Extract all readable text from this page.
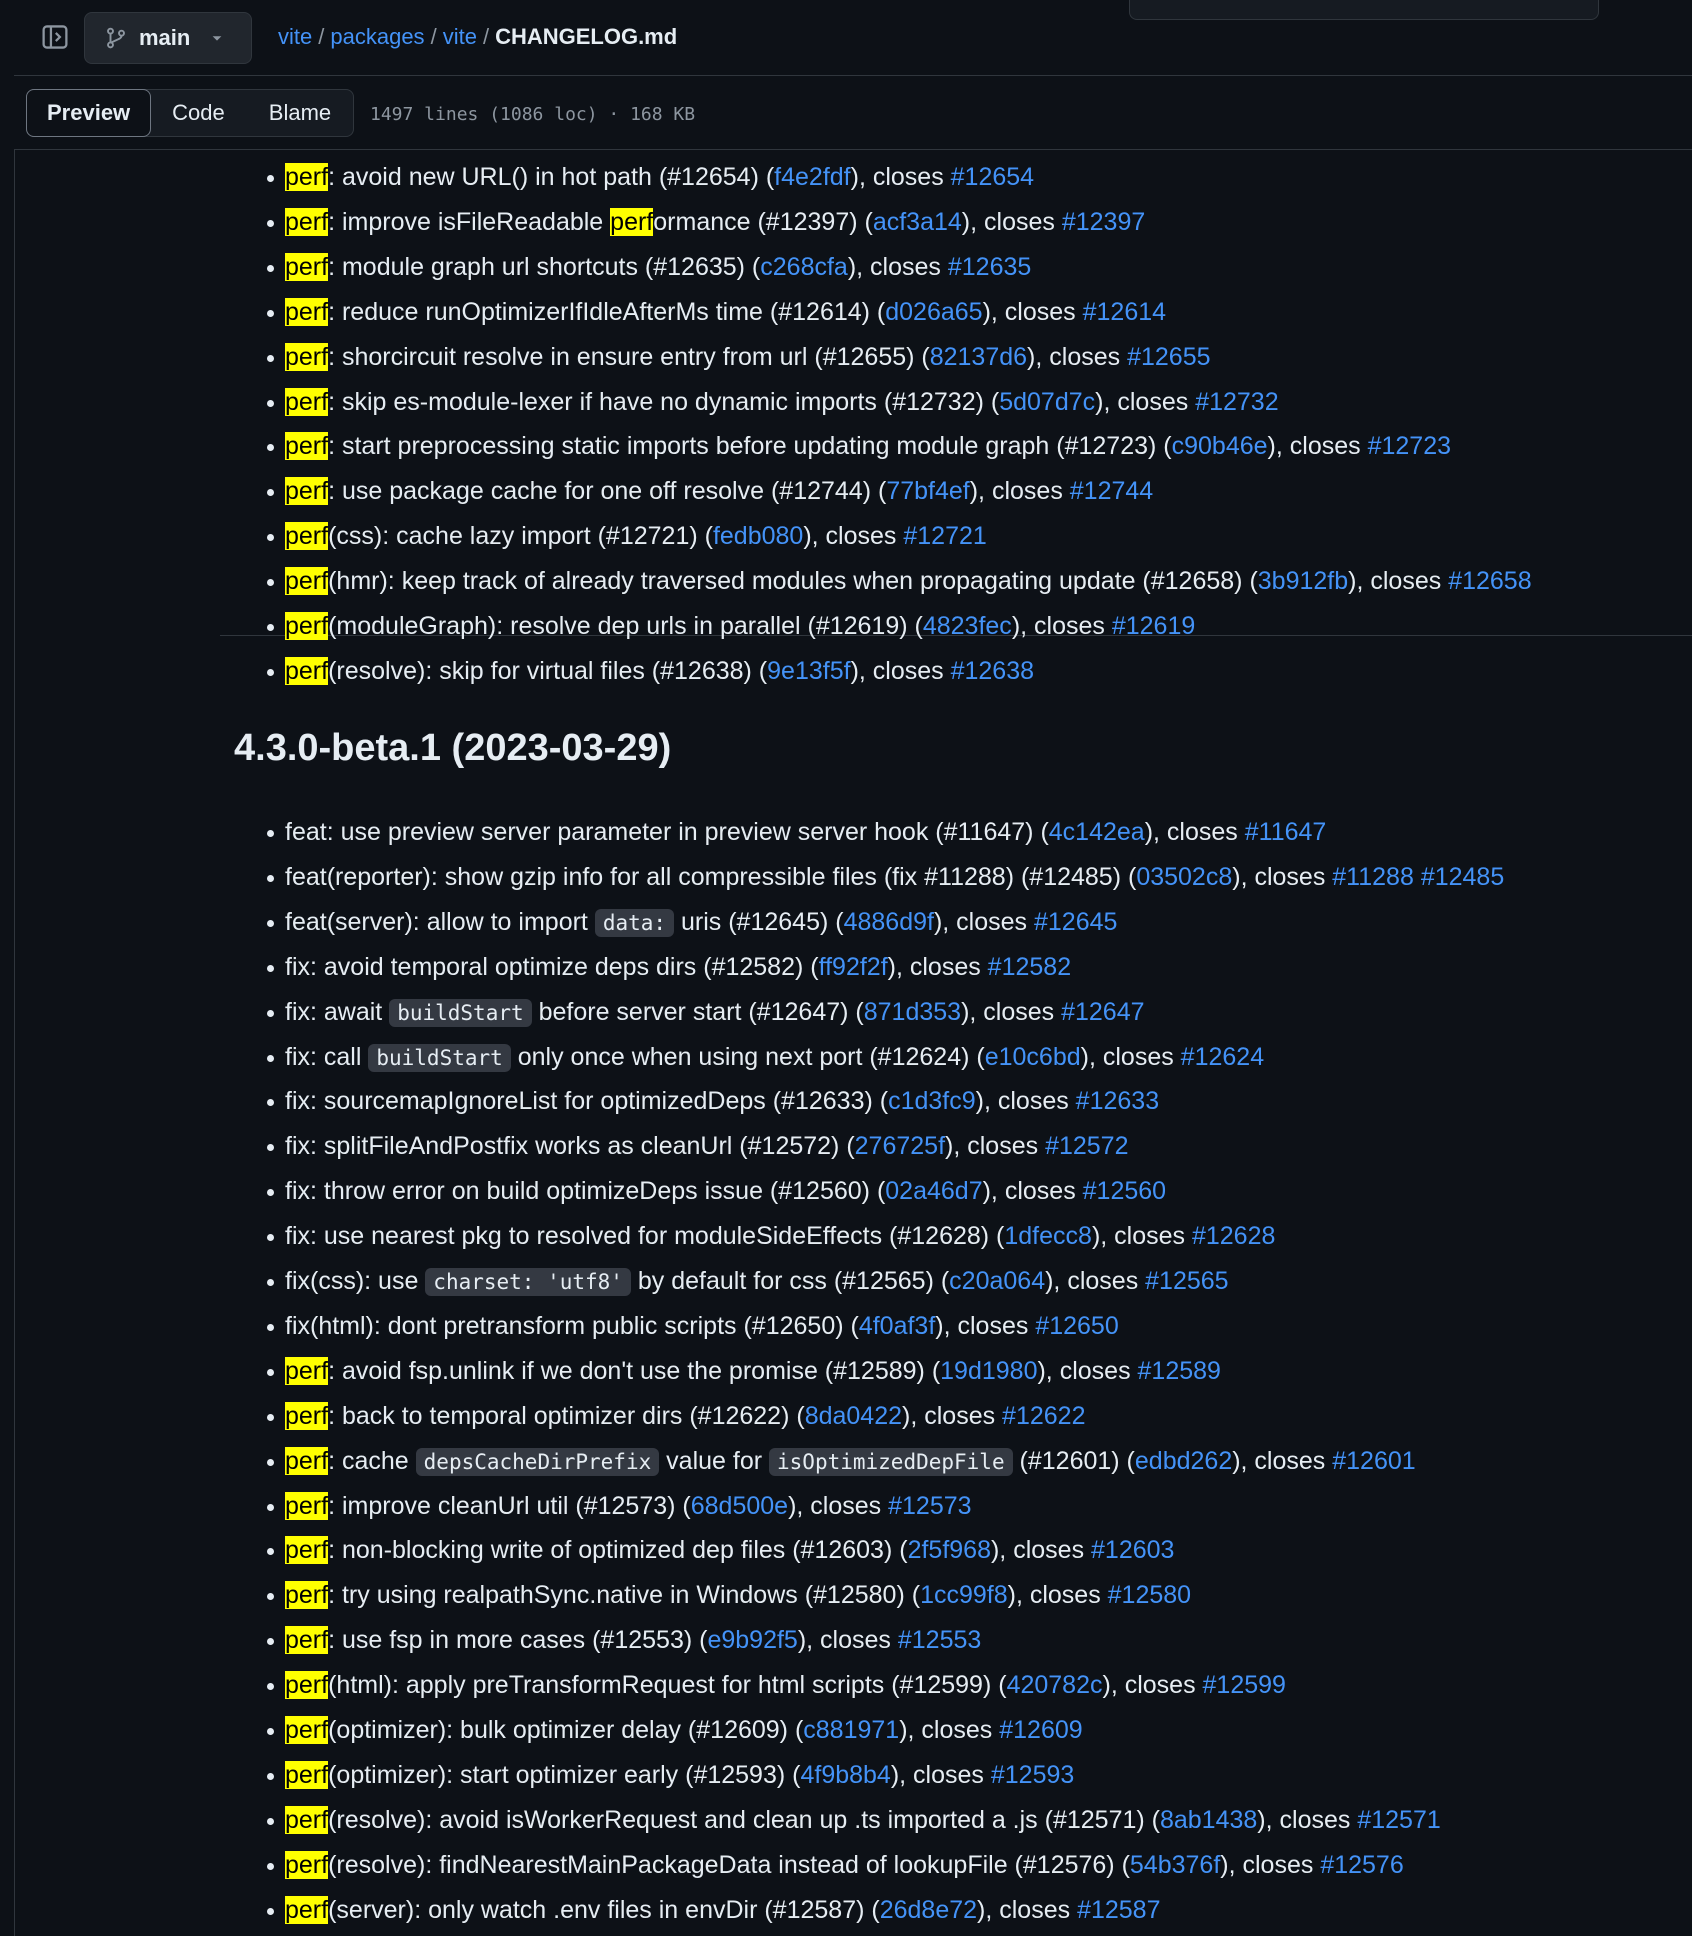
main	vite / packages / vite / CHANGELOG.md
Preview	Code	Blame	1497 lines (1086 loc) · 168 KB
perf: avoid new URL() in hot path (#12654) (f4e2fdf), closes #12654
perf: improve isFileReadable performance (#12397) (acf3a14), closes #12397
perf: module graph url shortcuts (#12635) (c268cfa), closes #12635
perf: reduce runOptimizerIfIdleAfterMs time (#12614) (d026a65), closes #12614
perf: shorcircuit resolve in ensure entry from url (#12655) (82137d6), closes #12655
perf: skip es-module-lexer if have no dynamic imports (#12732) (5d07d7c), closes #12732
perf: start preprocessing static imports before updating module graph (#12723) (c90b46e), closes #12723
perf: use package cache for one off resolve (#12744) (77bf4ef), closes #12744
perf(css): cache lazy import (#12721) (fedb080), closes #12721
perf(hmr): keep track of already traversed modules when propagating update (#12658) (3b912fb), closes #12658
perf(moduleGraph): resolve dep urls in parallel (#12619) (4823fec), closes #12619
perf(resolve): skip for virtual files (#12638) (9e13f5f), closes #12638
4.3.0-beta.1 (2023-03-29)
feat: use preview server parameter in preview server hook (#11647) (4c142ea), closes #11647
feat(reporter): show gzip info for all compressible files (fix #11288) (#12485) (03502c8), closes #11288 #12485
feat(server): allow to import data: uris (#12645) (4886d9f), closes #12645
fix: avoid temporal optimize deps dirs (#12582) (ff92f2f), closes #12582
fix: await buildStart before server start (#12647) (871d353), closes #12647
fix: call buildStart only once when using next port (#12624) (e10c6bd), closes #12624
fix: sourcemapIgnoreList for optimizedDeps (#12633) (c1d3fc9), closes #12633
fix: splitFileAndPostfix works as cleanUrl (#12572) (276725f), closes #12572
fix: throw error on build optimizeDeps issue (#12560) (02a46d7), closes #12560
fix: use nearest pkg to resolved for moduleSideEffects (#12628) (1dfecc8), closes #12628
fix(css): use charset: 'utf8' by default for css (#12565) (c20a064), closes #12565
fix(html): dont pretransform public scripts (#12650) (4f0af3f), closes #12650
perf: avoid fsp.unlink if we don't use the promise (#12589) (19d1980), closes #12589
perf: back to temporal optimizer dirs (#12622) (8da0422), closes #12622
perf: cache depsCacheDirPrefix value for isOptimizedDepFile (#12601) (edbd262), closes #12601
perf: improve cleanUrl util (#12573) (68d500e), closes #12573
perf: non-blocking write of optimized dep files (#12603) (2f5f968), closes #12603
perf: try using realpathSync.native in Windows (#12580) (1cc99f8), closes #12580
perf: use fsp in more cases (#12553) (e9b92f5), closes #12553
perf(html): apply preTransformRequest for html scripts (#12599) (420782c), closes #12599
perf(optimizer): bulk optimizer delay (#12609) (c881971), closes #12609
perf(optimizer): start optimizer early (#12593) (4f9b8b4), closes #12593
perf(resolve): avoid isWorkerRequest and clean up .ts imported a .js (#12571) (8ab1438), closes #12571
perf(resolve): findNearestMainPackageData instead of lookupFile (#12576) (54b376f), closes #12576
perf(server): only watch .env files in envDir (#12587) (26d8e72), closes #12587
